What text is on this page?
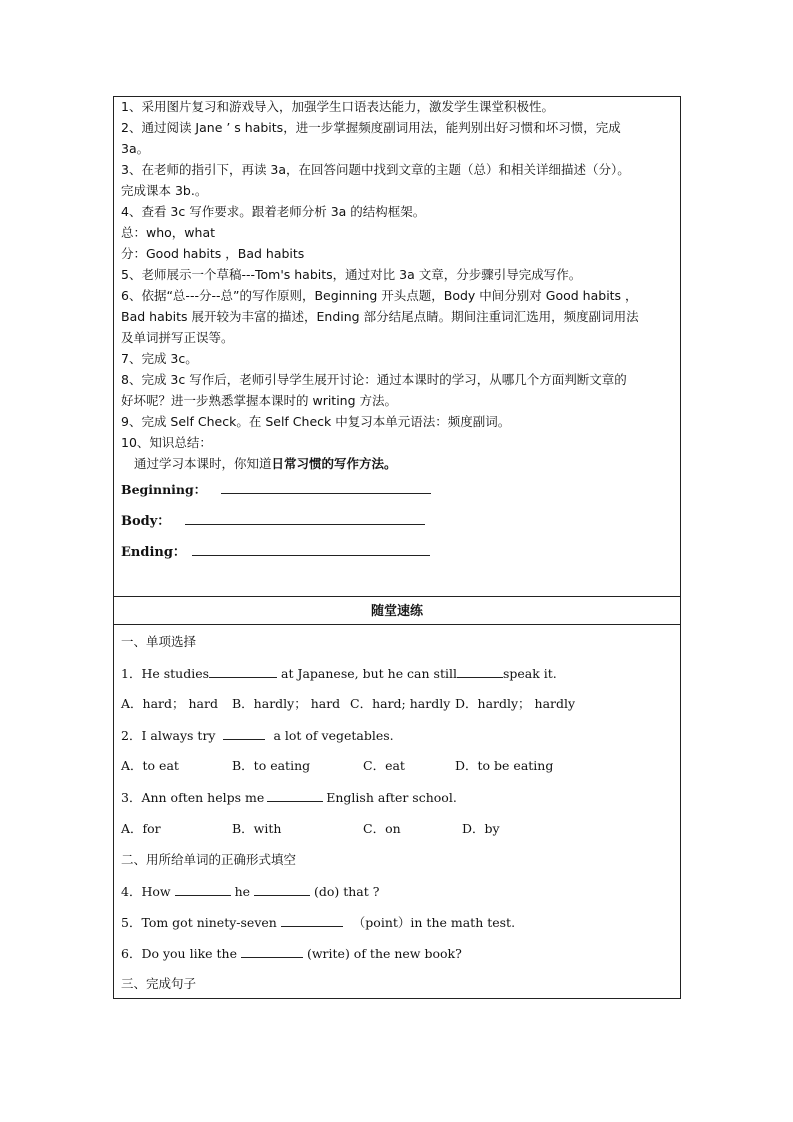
1、采用图片复习和游戏导入，加强学生口语表达能力，激发学生课堂积极性。
2、通过阅读 Jane ’ s habits，进一步掌握频度副词用法，能判别出好习惯和坏习惯，完成
3a。
3、在老师的指引下，再读 3a，在回答问题中找到文章的主题（总）和相关详细描述（分）。
完成课本 3b.。
4、查看 3c 写作要求。跟着老师分析 3a 的结构框架。
总：who，what
分：Good habits ，Bad habits
5、老师展示一个草稿---Tom's habits，通过对比 3a 文章，分步骤引导完成写作。
6、依据“总---分--总”的写作原则，Beginning 开头点题，Body 中间分别对 Good habits ，
Bad habits 展开较为丰富的描述，Ending 部分结尾点睛。期间注重词汇选用，频度副词用法
及单词拼写正误等。
7、完成 3c。
8、完成 3c 写作后，老师引导学生展开讨论：通过本课时的学习，从哪几个方面判断文章的
好坏呢？进一步熟悉掌握本课时的 writing 方法。
9、完成 Self Check。在 Self Check 中复习本单元语法：频度副词。
10、知识总结：
通过学习本课时，你知道日常习惯的写作方法。
Beginning：
Body：
Ending：
随堂速练
一、单项选择
1．He studies	at Japanese, but he can still	speak it.
A．hard； hard B．hardly； hard C．hard; hardly D．hardly； hardly
2．I always try	a lot of vegetables.
A．to eat	B．to eating	C．eat	D．to be eating
3．Ann often helps me	English after school.
A．for	B．with	C．on	D．by
二、用所给单词的正确形式填空
4．How	he	(do) that ?
5．Tom got ninety-seven	（point）in the math test.
6．Do you like the	(write) of the new book?
三、完成句子
